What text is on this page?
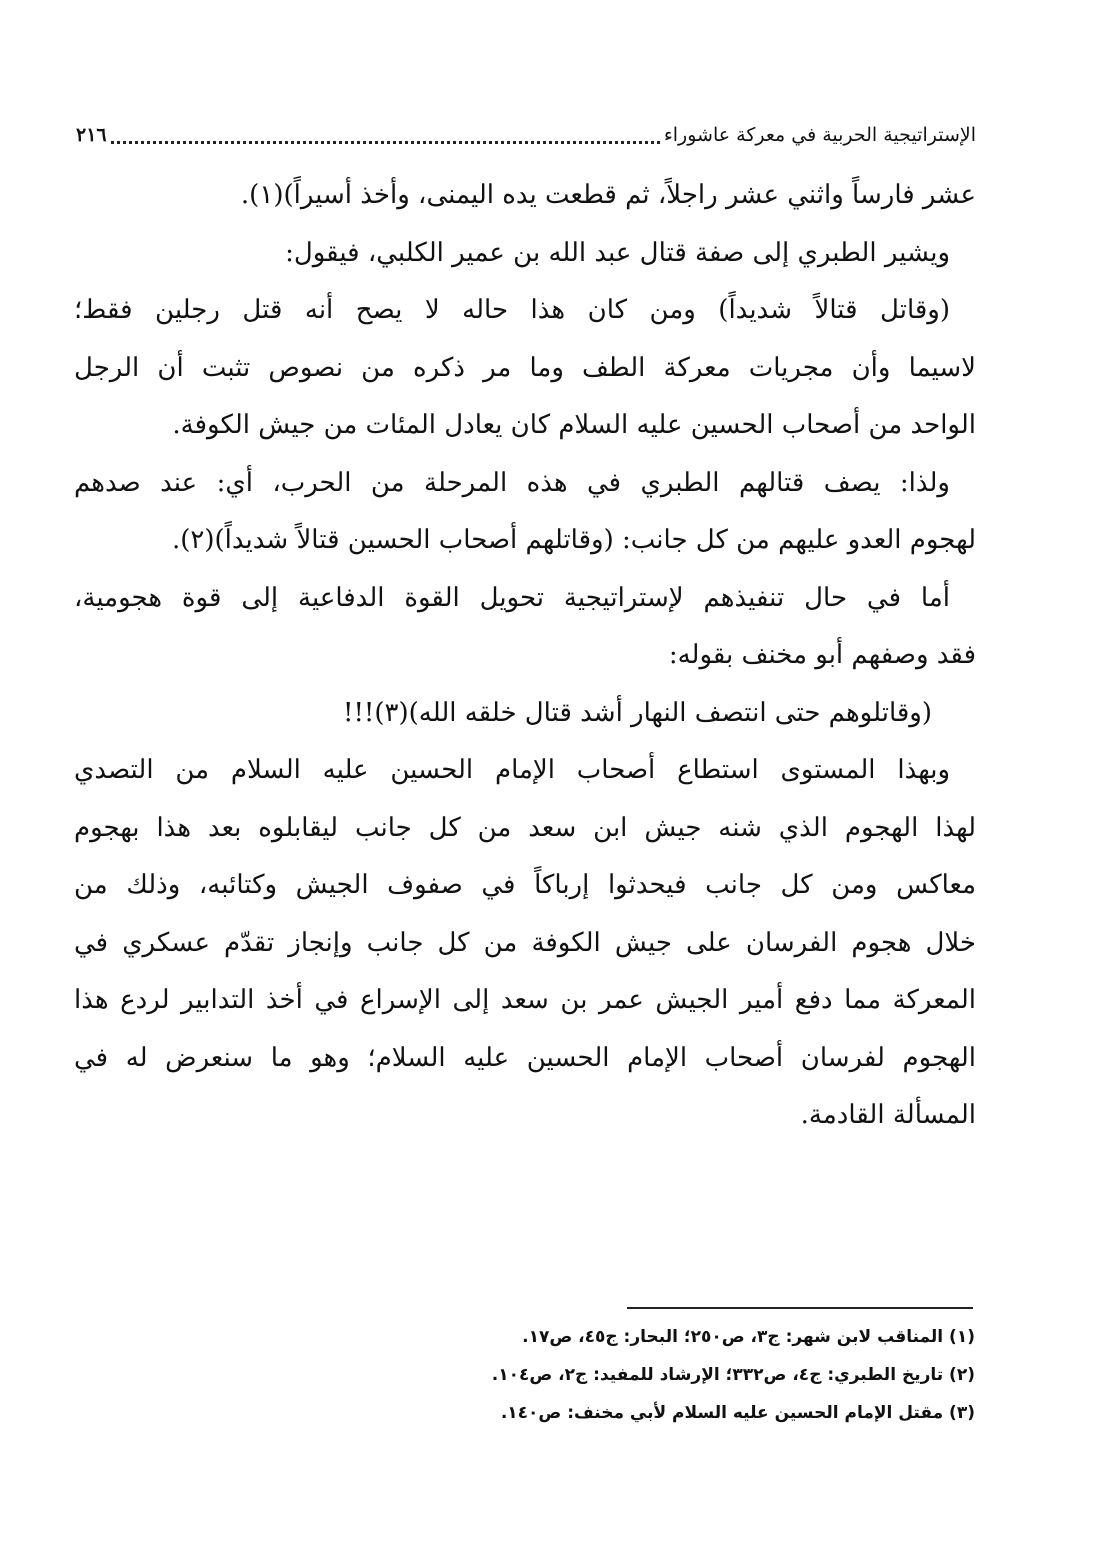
الإستراتيجية الحربية في معركة عاشوراء
٢١٦
عشر فارساً واثني عشر راجلاً، ثم قطعت يده اليمنى، وأخذ أسيراً)(١).
ويشير الطبري إلى صفة قتال عبد الله بن عمير الكلبي، فيقول:
(وقاتل قتالاً شديداً) ومن كان هذا حاله لا يصح أنه قتل رجلين فقط؛
لاسيما وأن مجريات معركة الطف وما مر ذكره من نصوص تثبت أن الرجل
الواحد من أصحاب الحسين عليه السلام كان يعادل المئات من جيش الكوفة.
ولذا: يصف قتالهم الطبري في هذه المرحلة من الحرب، أي: عند صدهم
لهجوم العدو عليهم من كل جانب: (وقاتلهم أصحاب الحسين قتالاً شديداً)(٢).
أما في حال تنفيذهم لإستراتيجية تحويل القوة الدفاعية إلى قوة هجومية،
فقد وصفهم أبو مخنف بقوله:
(وقاتلوهم حتى انتصف النهار أشد قتال خلقه الله)(٣)!!!
وبهذا المستوى استطاع أصحاب الإمام الحسين عليه السلام من التصدي
لهذا الهجوم الذي شنه جيش ابن سعد من كل جانب ليقابلوه بعد هذا بهجوم
معاكس ومن كل جانب فيحدثوا إرباكاً في صفوف الجيش وكتائبه، وذلك من
خلال هجوم الفرسان على جيش الكوفة من كل جانب وإنجاز تقدّم عسكري في
المعركة مما دفع أمير الجيش عمر بن سعد إلى الإسراع في أخذ التدابير لردع هذا
الهجوم لفرسان أصحاب الإمام الحسين عليه السلام؛ وهو ما سنعرض له في
المسألة القادمة.
(١) المناقب لابن شهر: ج٣، ص٢٥٠؛ البحار: ج٤٥، ص١٧.
(٢) تاريخ الطبري: ج٤، ص٣٣٢؛ الإرشاد للمفيد: ج٢، ص١٠٤.
(٣) مقتل الإمام الحسين عليه السلام لأبي مخنف: ص١٤٠.
